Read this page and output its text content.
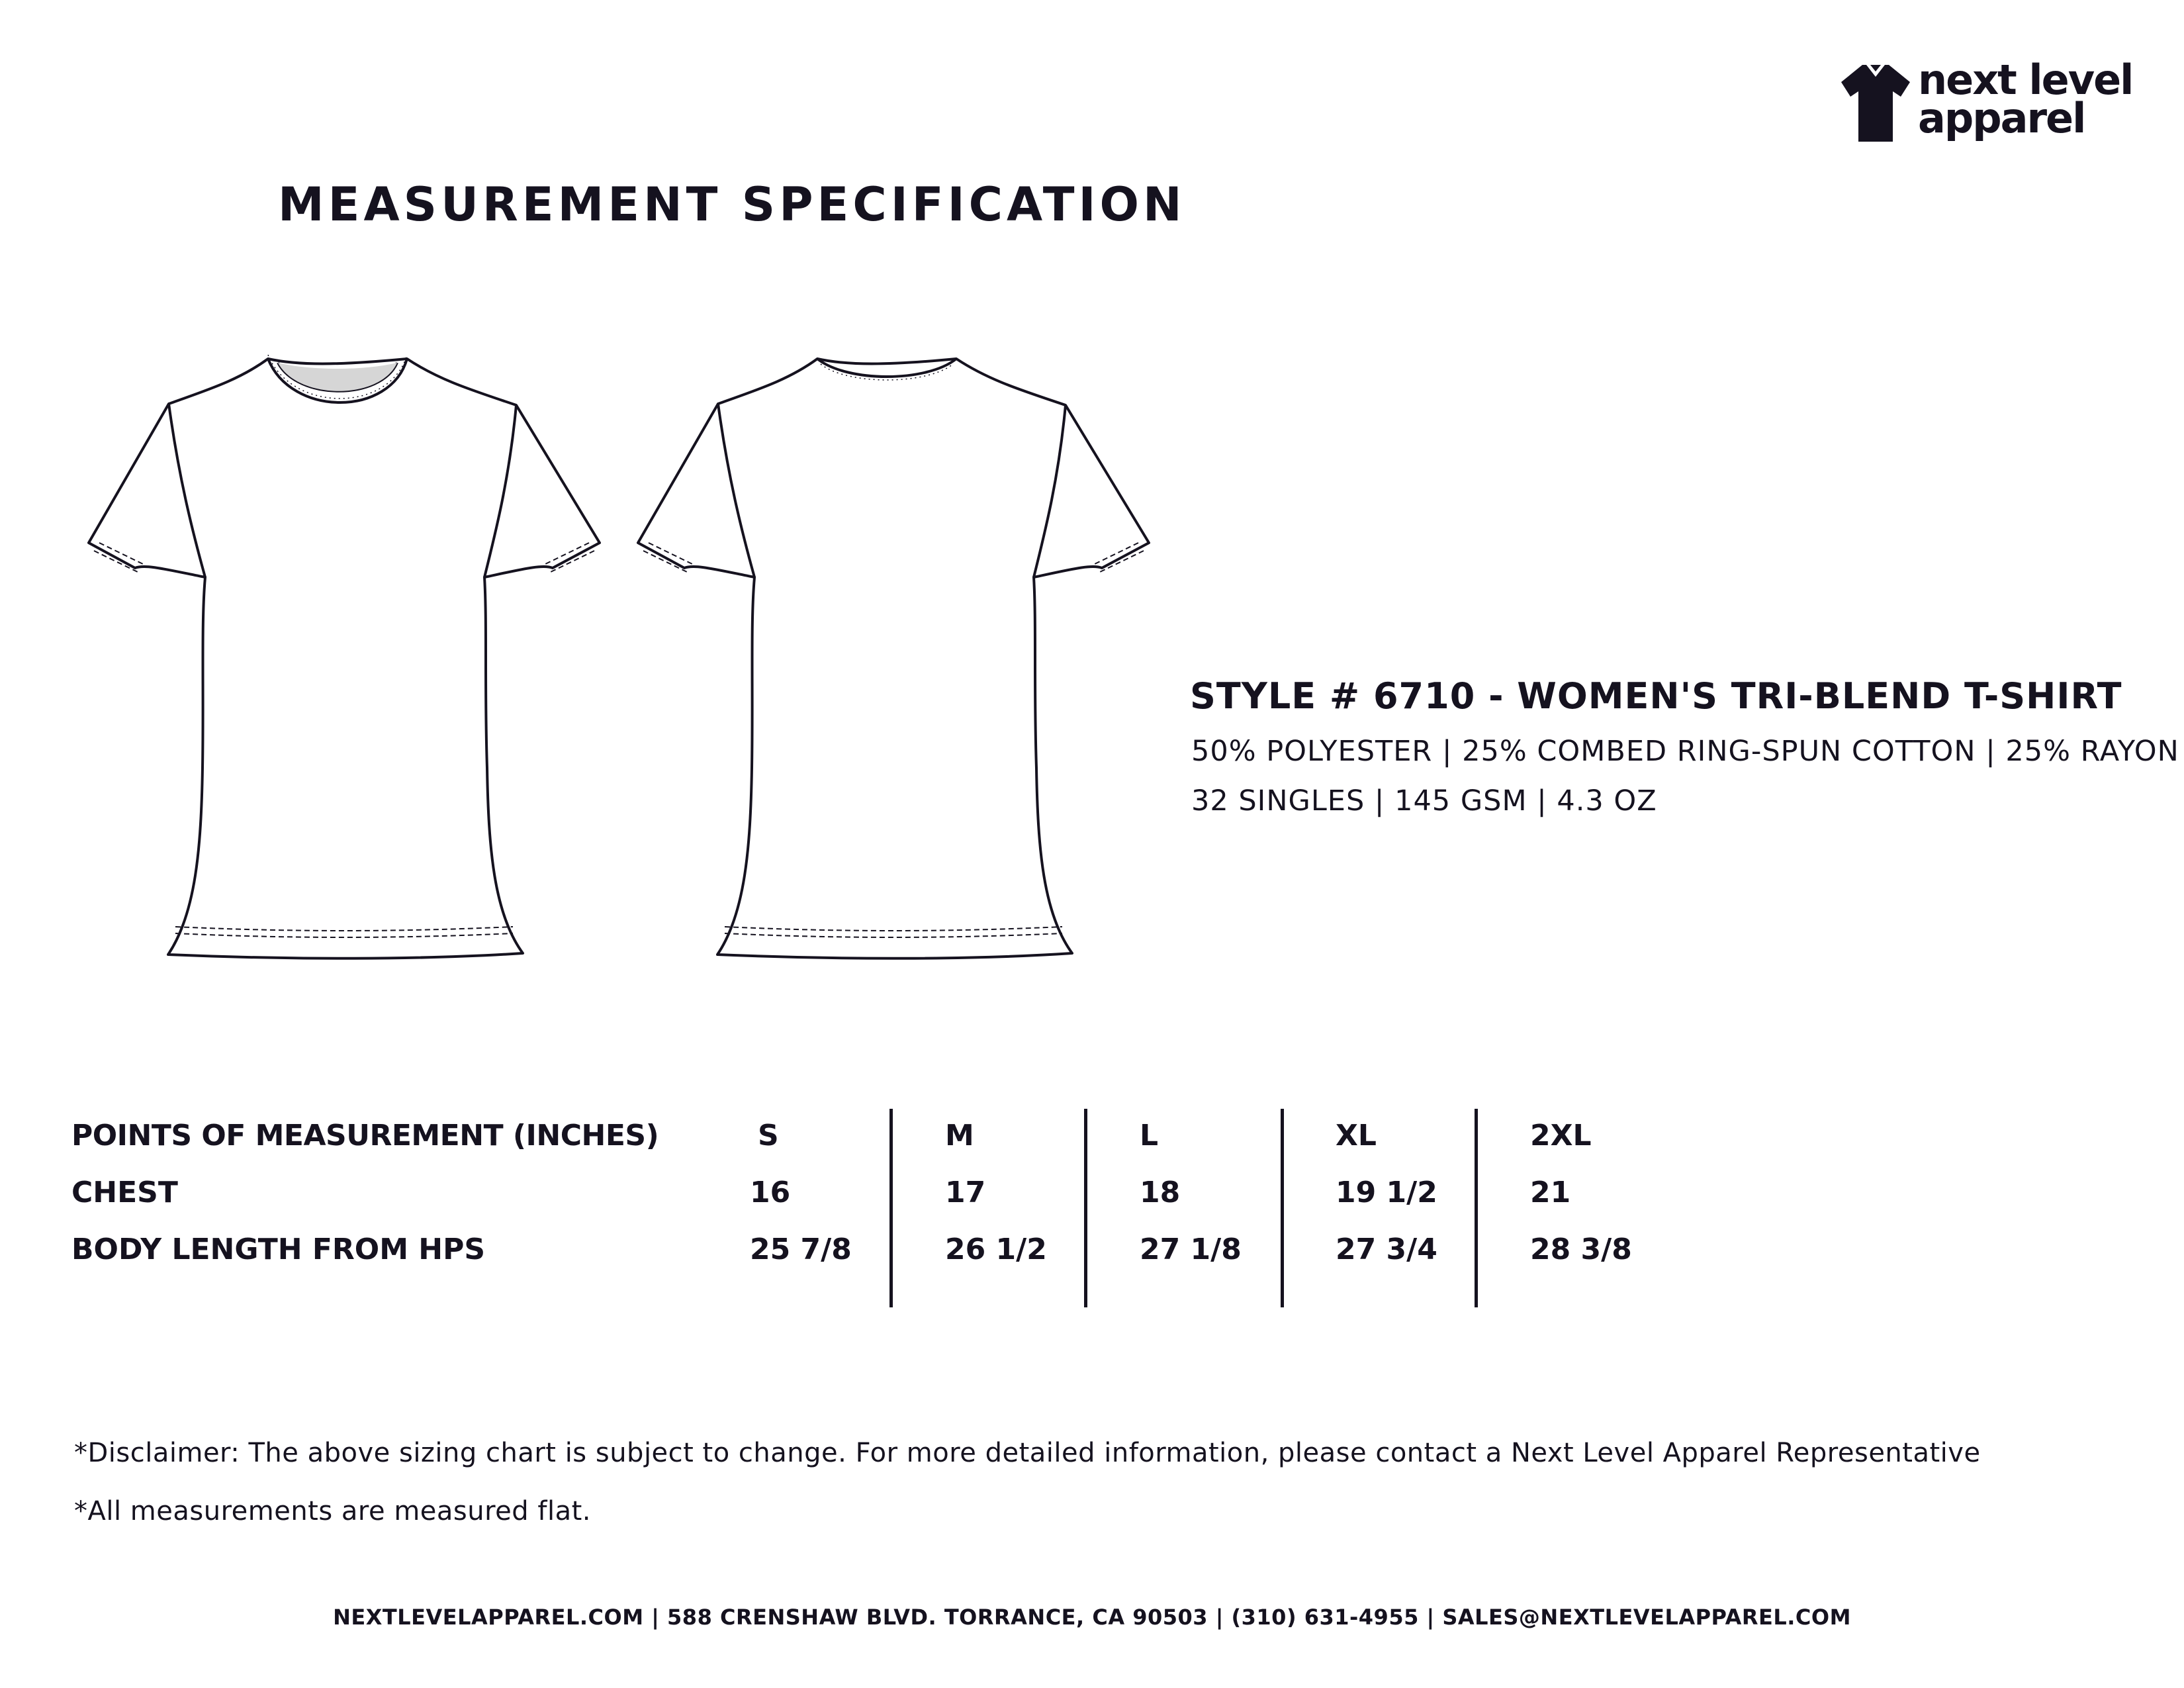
next level
apparel
MEASUREMENT SPECIFICATION
STYLE # 6710 - WOMEN'S TRI-BLEND T-SHIRT
50% POLYESTER | 25% COMBED RING-SPUN COTTON | 25% RAYON
32 SINGLES | 145 GSM | 4.3 OZ
POINTS OF MEASUREMENT (INCHES)	S	M	L	XL	2XL
CHEST	16	17	18	19 1/2	21
BODY LENGTH FROM HPS	25 7/8	26 1/2	27 1/8	27 3/4	28 3/8
*Disclaimer: The above sizing chart is subject to change. For more detailed information, please contact a Next Level Apparel Representative
*All measurements are measured flat.
NEXTLEVELAPPAREL.COM | 588 CRENSHAW BLVD. TORRANCE, CA 90503 | (310) 631-4955 | SALES@NEXTLEVELAPPAREL.COM
